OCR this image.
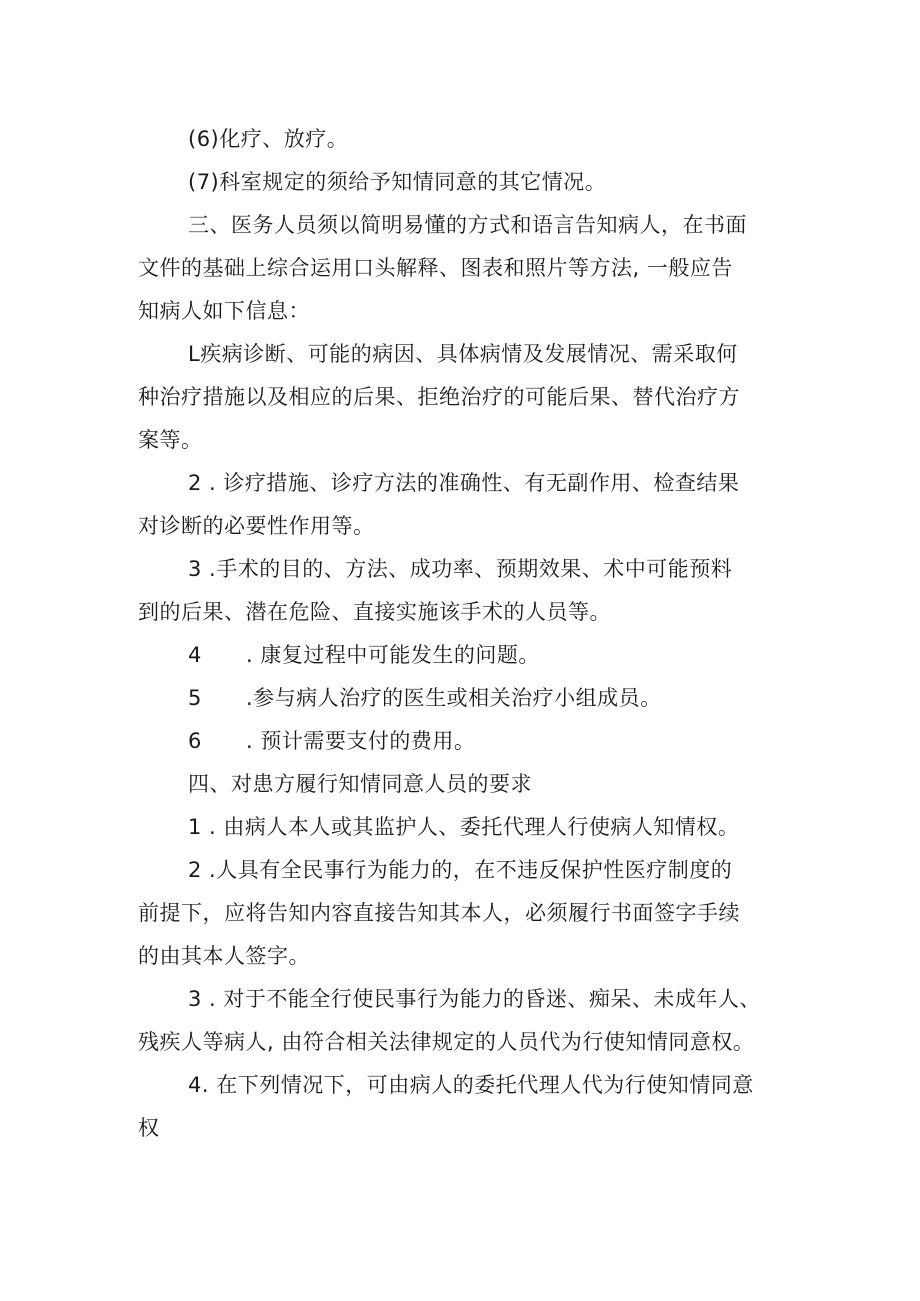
(6)化疗、放疗。
(7)科室规定的须给予知情同意的其它情况。
三、医务人员须以简明易懂的方式和语言告知病人，在书面
文件的基础上综合运用口头解释、图表和照片等方法, 一般应告
知病人如下信息：
L疾病诊断、可能的病因、具体病情及发展情况、需采取何
种治疗措施以及相应的后果、拒绝治疗的可能后果、替代治疗方
案等。
2 . 诊疗措施、诊疗方法的准确性、有无副作用、检查结果
对诊断的必要性作用等。
3 .手术的目的、方法、成功率、预期效果、术中可能预料
到的后果、潜在危险、直接实施该手术的人员等。
4 . 康复过程中可能发生的问题。
5 .参与病人治疗的医生或相关治疗小组成员。
6 . 预计需要支付的费用。
四、对患方履行知情同意人员的要求
1 . 由病人本人或其监护人、委托代理人行使病人知情权。
2 .人具有全民事行为能力的，在不违反保护性医疗制度的
前提下，应将告知内容直接告知其本人，必须履行书面签字手续
的由其本人签字。
3 . 对于不能全行使民事行为能力的昏迷、痴呆、未成年人、
残疾人等病人, 由符合相关法律规定的人员代为行使知情同意权。
4. 在下列情况下，可由病人的委托代理人代为行使知情同意
权
